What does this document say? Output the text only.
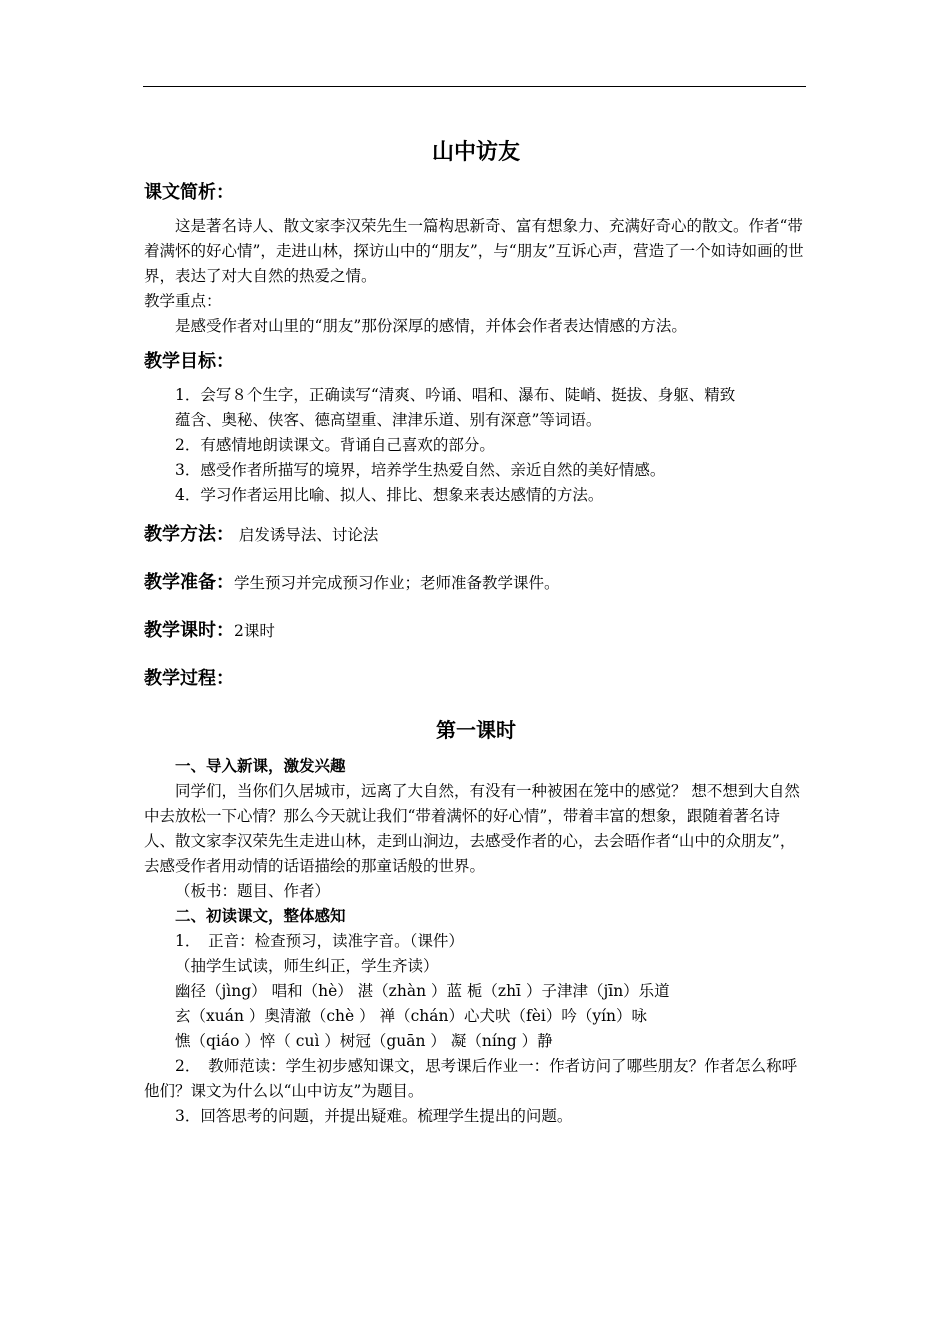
山中访友
课文简析：

这是著名诗人、散文家李汉荣先生一篇构思新奇、富有想象力、充满好奇心的散文。作者“带着满怀的好心情”，走进山林，探访山中的“朋友”，与“朋友”互诉心声，营造了一个如诗如画的世界，表达了对大自然的热爱之情。

教学重点：

是感受作者对山里的“朋友”那份深厚的感情，并体会作者表达情感的方法。

教学目标：

1．会写８个生字，正确读写“清爽、吟诵、唱和、瀑布、陡峭、挺拔、身躯、精致

蕴含、奥秘、侠客、德高望重、津津乐道、别有深意”等词语。

2．有感情地朗读课文。背诵自己喜欢的部分。

3．感受作者所描写的境界，培养学生热爱自然、亲近自然的美好情感。

4．学习作者运用比喻、拟人、排比、想象来表达感情的方法。

教学方法： 启发诱导法、讨论法
教学准备：学生预习并完成预习作业；老师准备教学课件。
教学课时：2课时
教学过程：
第一课时
一、导入新课，激发兴趣

同学们，当你们久居城市，远离了大自然，有没有一种被困在笼中的感觉？ 想不想到大自然中去放松一下心情？那么今天就让我们“带着满怀的好心情”，带着丰富的想象，跟随着著名诗人、散文家李汉荣先生走进山林，走到山涧边，去感受作者的心，去会晤作者“山中的众朋友”，去感受作者用动情的话语描绘的那童话般的世界。

（板书：题目、作者）

二、初读课文，整体感知

1．　正音：检查预习，读准字音。（课件）

（抽学生试读，师生纠正，学生齐读）

幽径（jìng） 唱和（hè） 湛（zhàn ）蓝 栀（zhī ）子津津（jīn）乐道

玄（xuán ）奥清澈（chè ） 禅（chán）心犬吠（fèi）吟（yín）咏

憔（qiáo ）悴（ cuì ）树冠（guān ） 凝（níng ）静

2．　教师范读：学生初步感知课文，思考课后作业一：作者访问了哪些朋友？作者怎么称呼他们？课文为什么以“山中访友”为题目。

3．回答思考的问题，并提出疑难。梳理学生提出的问题。
